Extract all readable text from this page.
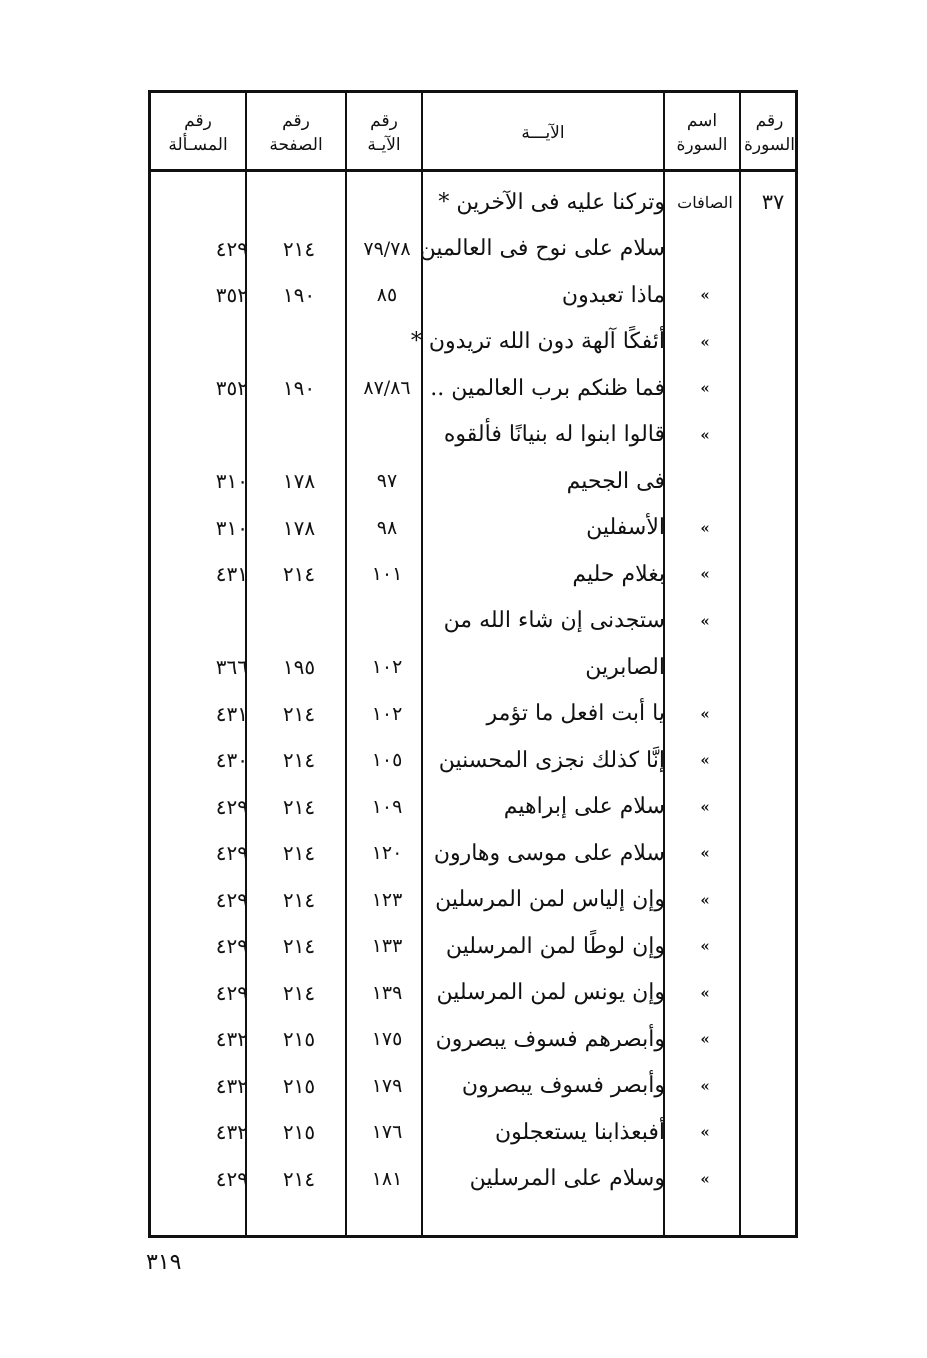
رقم
السورة
اسم
السورة
الآيـــة
رقم
الآيـة
رقم
الصفحة
رقم
المسـألة
٣٧
الصافات
وتركنا عليه فى الآخرين *
سلام على نوح فى العالمين
٧٩/٧٨
٢١٤
٤٢٩
»
ماذا تعبدون
٨٥
١٩٠
٣٥٢
»
أئفكًا آلهة دون الله تريدون *
»
فما ظنكم برب العالمين ..
٨٧/٨٦
١٩٠
٣٥٢
»
قالوا ابنوا له بنيانًا فألقوه
فى الجحيم
٩٧
١٧٨
٣١٠
»
الأسفلين
٩٨
١٧٨
٣١٠
»
بغلام حليم
١٠١
٢١٤
٤٣١
»
ستجدنى إن شاء الله من
الصابرين
١٠٢
١٩٥
٣٦٦
»
يا أبت افعل ما تؤمر
١٠٢
٢١٤
٤٣١
»
إنَّا كذلك نجزى المحسنين
١٠٥
٢١٤
٤٣٠
»
سلام على إبراهيم
١٠٩
٢١٤
٤٢٩
»
سلام على موسى وهارون
١٢٠
٢١٤
٤٢٩
»
وإن إلياس لمن المرسلين
١٢٣
٢١٤
٤٢٩
»
وإن لوطًا لمن المرسلين
١٣٣
٢١٤
٤٢٩
»
وإن يونس لمن المرسلين
١٣٩
٢١٤
٤٢٩
»
وأبصرهم فسوف يبصرون
١٧٥
٢١٥
٤٣٢
»
وأبصر فسوف يبصرون
١٧٩
٢١٥
٤٣٢
»
أفبعذابنا يستعجلون
١٧٦
٢١٥
٤٣٢
»
وسلام على المرسلين
١٨١
٢١٤
٤٢٩
٣١٩
